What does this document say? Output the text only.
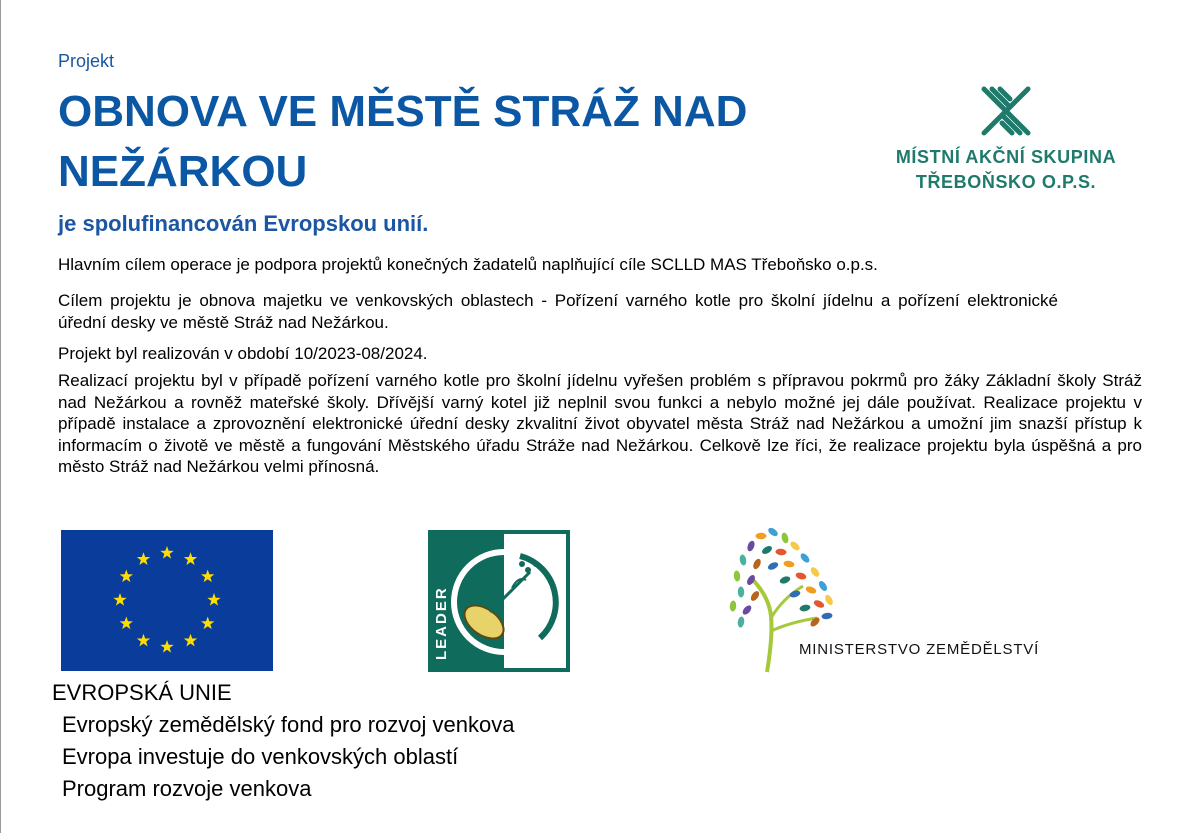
Projekt
OBNOVA VE MĚSTĚ STRÁŽ NAD NEŽÁRKOU
je spolufinancován Evropskou unií.
MÍSTNÍ AKČNÍ SKUPINA
TŘEBOŇSKO O.P.S.
Hlavním cílem operace je podpora projektů konečných žadatelů naplňující cíle SCLLD MAS Třeboňsko o.p.s.
Cílem projektu je obnova majetku ve venkovských oblastech - Pořízení varného kotle pro školní jídelnu a pořízení elektronické úřední desky ve městě Stráž nad Nežárkou.
Projekt byl realizován v období 10/2023-08/2024.
Realizací projektu byl v případě pořízení varného kotle pro školní jídelnu vyřešen problém s přípravou pokrmů pro žáky Základní školy Stráž nad Nežárkou a rovněž mateřské školy. Dřívější varný kotel již neplnil svou funkci a nebylo možné jej dále používat. Realizace projektu v případě instalace a zprovoznění elektronické úřední desky zkvalitní život obyvatel města Stráž nad Nežárkou a umožní jim snazší přístup k informacím o životě ve městě a fungování Městského úřadu Stráže nad Nežárkou. Celkově lze říci, že realizace projektu byla úspěšná a pro město Stráž nad Nežárkou velmi přínosná.
LEADER	MINISTERSTVO ZEMĚDĚLSTVÍ
EVROPSKÁ UNIE
Evropský zemědělský fond pro rozvoj venkova
Evropa investuje do venkovských oblastí
Program rozvoje venkova
